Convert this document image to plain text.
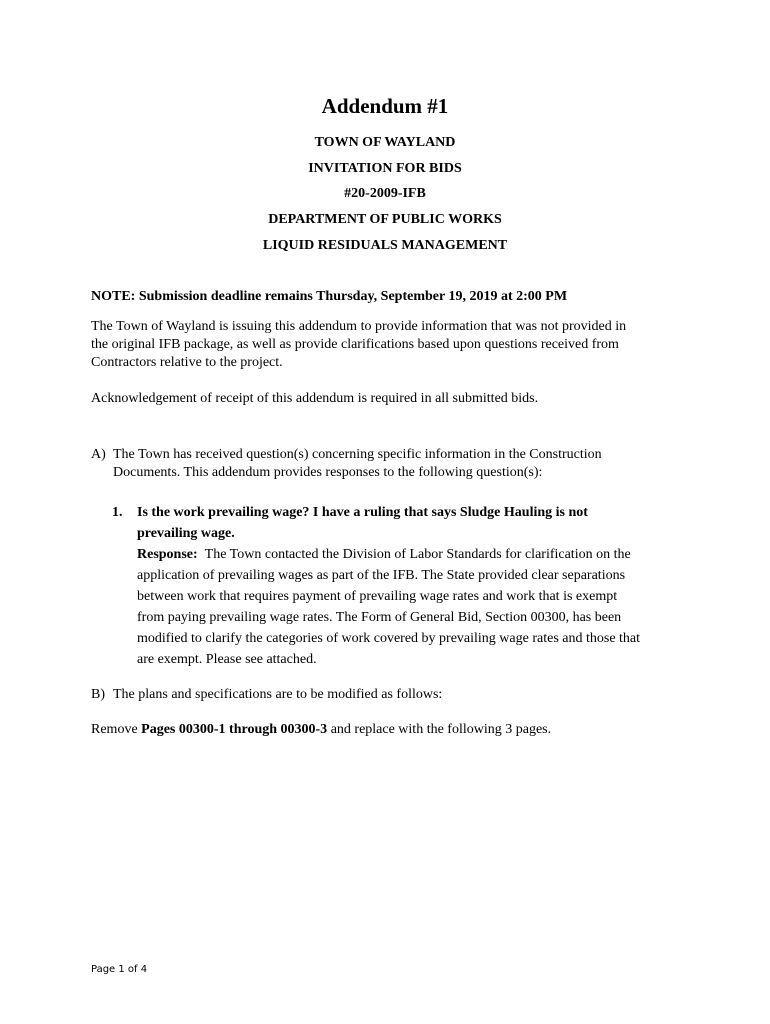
Addendum #1
TOWN OF WAYLAND
INVITATION FOR BIDS
#20-2009-IFB
DEPARTMENT OF PUBLIC WORKS
LIQUID RESIDUALS MANAGEMENT
NOTE: Submission deadline remains Thursday, September 19, 2019 at 2:00 PM
The Town of Wayland is issuing this addendum to provide information that was not provided in
the original IFB package, as well as provide clarifications based upon questions received from
Contractors relative to the project.
Acknowledgement of receipt of this addendum is required in all submitted bids.
A) The Town has received question(s) concerning specific information in the Construction
Documents. This addendum provides responses to the following question(s):
1. Is the work prevailing wage? I have a ruling that says Sludge Hauling is not
prevailing wage.
Response: The Town contacted the Division of Labor Standards for clarification on the
application of prevailing wages as part of the IFB. The State provided clear separations
between work that requires payment of prevailing wage rates and work that is exempt
from paying prevailing wage rates. The Form of General Bid, Section 00300, has been
modified to clarify the categories of work covered by prevailing wage rates and those that
are exempt. Please see attached.
B) The plans and specifications are to be modified as follows:
Remove Pages 00300-1 through 00300-3 and replace with the following 3 pages.
Page 1 of 4
